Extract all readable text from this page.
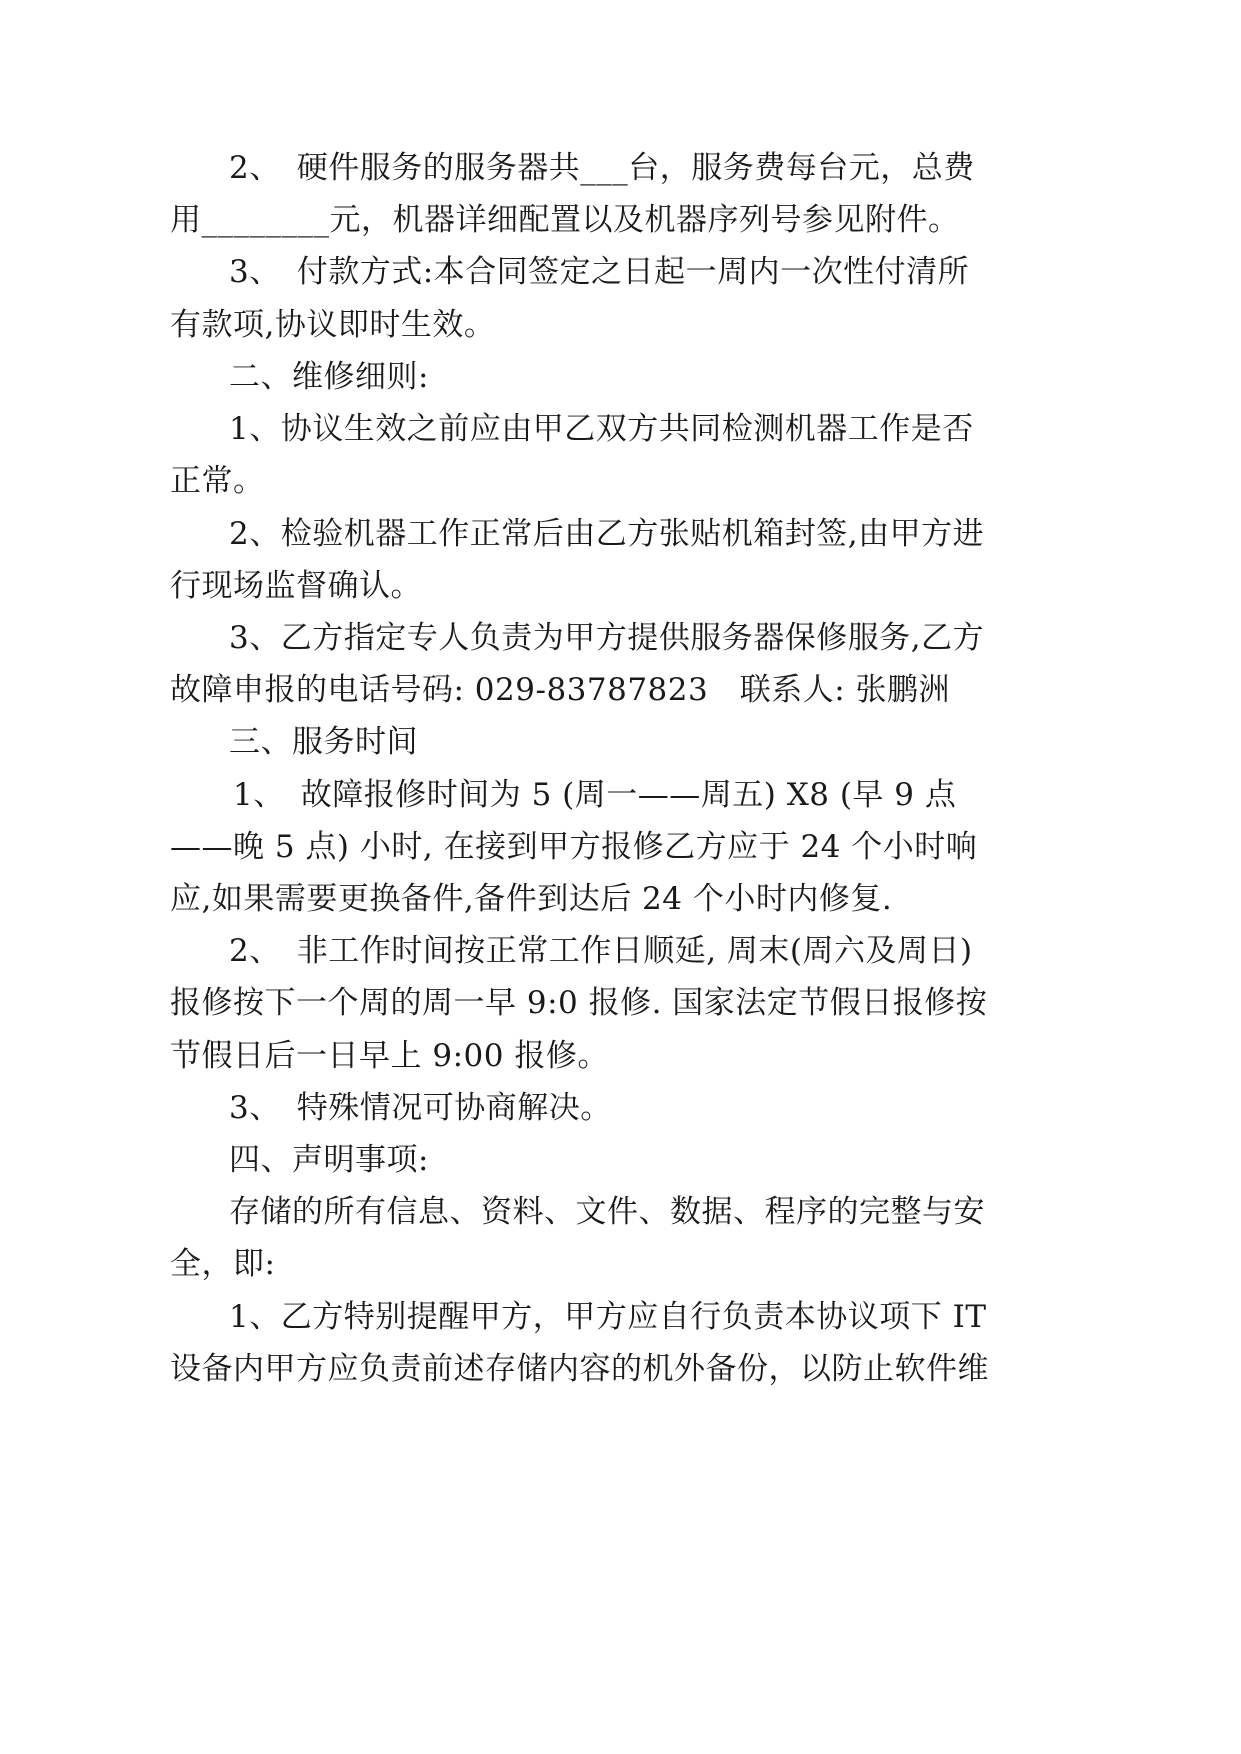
2、　硬件服务的服务器共___台，服务费每台元，总费
用________元，机器详细配置以及机器序列号参见附件。
3、　付款方式:本合同签定之日起一周内一次性付清所
有款项,协议即时生效。
二、维修细则:
1、协议生效之前应由甲乙双方共同检测机器工作是否
正常。
2、检验机器工作正常后由乙方张贴机箱封签,由甲方进
行现场监督确认。
3、乙方指定专人负责为甲方提供服务器保修服务,乙方
故障申报的电话号码: 029-83787823　联系人: 张鹏洲
三、服务时间
1、　故障报修时间为 5 (周一——周五) X8 (早 9 点
——晚 5 点) 小时, 在接到甲方报修乙方应于 24 个小时响
应,如果需要更换备件,备件到达后 24 个小时内修复.
2、　非工作时间按正常工作日顺延, 周末(周六及周日)
报修按下一个周的周一早 9:0 报修. 国家法定节假日报修按
节假日后一日早上 9:00 报修。
3、　特殊情况可协商解决。
四、声明事项:
存储的所有信息、资料、文件、数据、程序的完整与安
全，即:
1、乙方特别提醒甲方，甲方应自行负责本协议项下 IT
设备内甲方应负责前述存储内容的机外备份，以防止软件维
